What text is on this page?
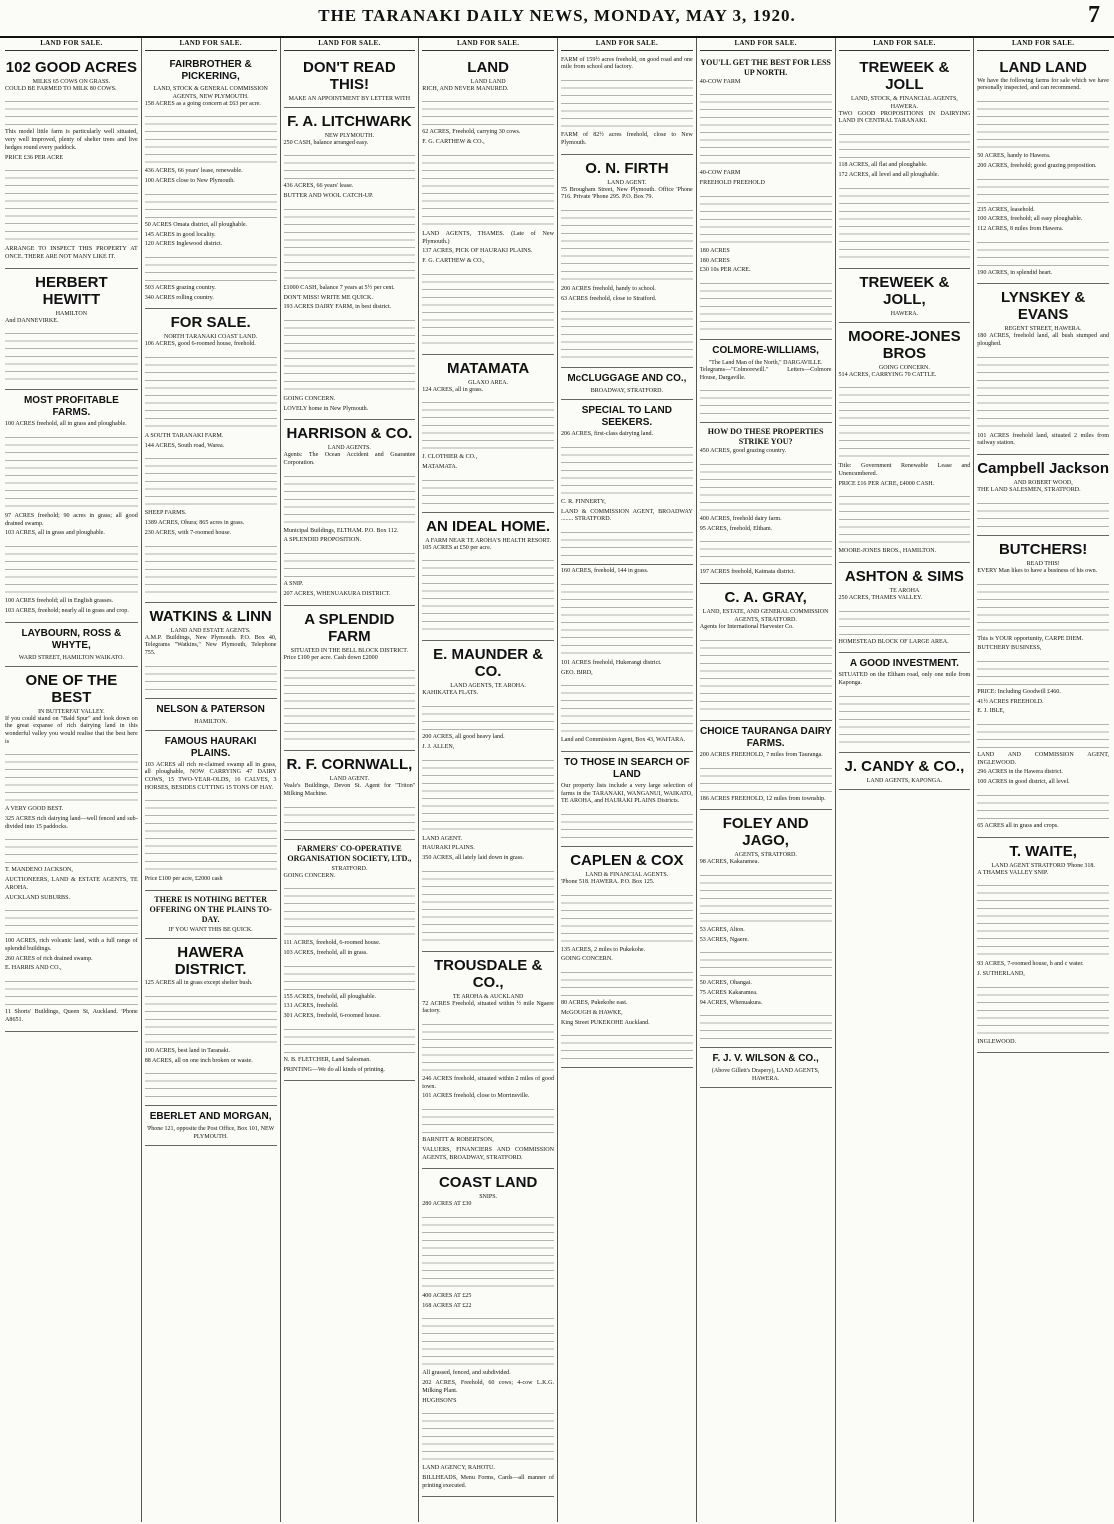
THE TARANAKI DAILY NEWS, MONDAY, MAY 3, 1920.	7
LAND FOR SALE.
102 GOOD ACRES
MILKS 65 COWS ON GRASS.

COULD BE FARMED TO MILK 80 COWS.

This model little farm is particularly well situated, very well improved, plenty of shelter trees and live hedges round every paddock.

PRICE £36 PER ACRE

ARRANGE TO INSPECT THIS PROPERTY AT ONCE. THERE ARE NOT MANY LIKE IT.

HERBERT HEWITT
HAMILTON

And DANNEVIRKE.

MOST PROFITABLE FARMS.

100 ACRES freehold, all in grass and ploughable.

97 ACRES freehold; 90 acres in grass; all good drained swamp.

103 ACRES, all in grass and ploughable.

100 ACRES freehold; all in English grasses.

103 ACRES, freehold; nearly all in grass and crop.

LAYBOURN, ROSS & WHYTE,
WARD STREET, HAMILTON WAIKATO.
ONE OF THE BEST
IN BUTTERFAT VALLEY.

If you could stand on "Bald Spur" and look down on the great expanse of rich dairying land in this wonderful valley you would realise that the best here is

A VERY GOOD BEST.

325 ACRES rich dairying land—well fenced and sub-divided into 15 paddocks.

T. MANDENO JACKSON,

AUCTIONEERS, LAND & ESTATE AGENTS, TE AROHA.

AUCKLAND SUBURBS.

100 ACRES, rich volcanic land, with a full range of splendid buildings.

260 ACRES of rich drained swamp.

E. HARRIS AND CO.,

11 Shorts' Buildings, Queen St, Auckland. 'Phone A8651.

LAND FOR SALE.
FAIRBROTHER & PICKERING,
LAND, STOCK & GENERAL COMMISSION AGENTS, NEW PLYMOUTH.

158 ACRES as a going concern at £63 per acre.

436 ACRES, 66 years' lease, renewable.

100 ACRES close to New Plymouth.

50 ACRES Omata district, all ploughable.

145 ACRES in good locality.

120 ACRES Inglewood district.

503 ACRES grazing country.

340 ACRES rolling country.

FOR SALE.
NORTH TARANAKI COAST LAND.

106 ACRES, good 6-roomed house, freehold.

A SOUTH TARANAKI FARM.

144 ACRES, South road, Warea.

SHEEP FARMS.

1389 ACRES, Ohura; 865 acres in grass.

230 ACRES, with 7-roomed house.

WATKINS & LINN
LAND AND ESTATE AGENTS.

A.M.P. Buildings, New Plymouth. P.O. Box 40, Telegrams "Watkins," New Plymouth, Telephone 755.

NELSON & PATERSON
HAMILTON.
FAMOUS HAURAKI PLAINS.

103 ACRES all rich re-claimed swamp all in grass, all ploughable, NOW CARRYING 47 DAIRY COWS, 15 TWO-YEAR-OLDS, 16 CALVES, 3 HORSES, BESIDES CUTTING 15 TONS OF HAY.

Price £100 per acre, £2000 cash

THERE IS NOTHING BETTER OFFERING ON THE PLAINS TO-DAY.
IF YOU WANT THIS BE QUICK.
HAWERA DISTRICT.

125 ACRES all in grass except shelter bush.

100 ACRES, best land in Taranaki.

88 ACRES, all on one inch broken or waste.

EBERLET AND MORGAN,
'Phone 121, opposite the Post Office, Box 101, NEW PLYMOUTH.
LAND FOR SALE.
DON'T READ THIS!
MAKE AN APPOINTMENT BY LETTER WITH
F. A. LITCHWARK
NEW PLYMOUTH.

250 CASH, balance arranged easy.

436 ACRES, 66 years' lease.

BUTTER AND WOOL CATCH-UP.

£1000 CASH, balance 7 years at 5½ per cent.

DON'T MISS! WRITE ME QUICK.

193 ACRES DAIRY FARM, in best district.

GOING CONCERN.

LOVELY home in New Plymouth.

HARRISON & CO.
LAND AGENTS.

Agents: The Ocean Accident and Guarantee Corporation.

Municipal Buildings, ELTHAM. P.O. Box 112.

A SPLENDID PROPOSITION.

A SNIP.

207 ACRES, WHENUAKURA DISTRICT.

A SPLENDID FARM
SITUATED IN THE BELL BLOCK DISTRICT.

Price £100 per acre. Cash down £2000

R. F. CORNWALL,
LAND AGENT.

Veale's Buildings, Devon St. Agent for "Triton" Milking Machine.

FARMERS' CO-OPERATIVE ORGANISATION SOCIETY, LTD.,
STRATFORD.

GOING CONCERN.

111 ACRES, freehold, 6-roomed house.

103 ACRES, freehold, all in grass.

155 ACRES, freehold, all ploughable.

131 ACRES, freehold.

301 ACRES, freehold, 6-roomed house.

N. B. FLETCHER, Land Salesman.

PRINTING—We do all kinds of printing.

LAND FOR SALE.
LAND
LAND LAND

RICH, AND NEVER MANURED.

62 ACRES, Freehold, carrying 30 cows.

F. G. CARTHEW & CO.,

LAND AGENTS, THAMES. (Late of New Plymouth.)

137 ACRES, PICK OF HAURAKI PLAINS.

F. G. CARTHEW & CO.,

MATAMATA
GLAXO AREA.

124 ACRES, all in grass.

J. CLOTHIER & CO.,

MATAMATA.

AN IDEAL HOME.
A FARM NEAR TE AROHA'S HEALTH RESORT.

105 ACRES at £50 per acre.

E. MAUNDER & CO.
LAND AGENTS, TE AROHA.

KAHIKATEA FLATS.

200 ACRES, all good heavy land.

J. J. ALLEN,

LAND AGENT.

HAURAKI PLAINS.

350 ACRES, all lately laid down in grass.

TROUSDALE & CO.,
TE AROHA & AUCKLAND

72 ACRES Freehold, situated within ½ mile Ngaere factory.

246 ACRES freehold, situated within 2 miles of good town.

101 ACRES freehold, close to Morrinsville.

BARNITT & ROBERTSON,

VALUERS, FINANCIERS AND COMMISSION AGENTS, BROADWAY, STRATFORD.

COAST LAND
SNIPS.

280 ACRES AT £30

400 ACRES AT £25

168 ACRES AT £22

All grassed, fenced, and subdivided.

202 ACRES, Freehold, 60 cows; 4-cow L.K.G. Milking Plant.

HUGHSON'S

LAND AGENCY, RAHOTU.

BILLHEADS, Menu Forms, Cards—all manner of printing executed.

LAND FOR SALE.

FARM of 159½ acres freehold, on good road and one mile from school and factory.

FARM of 82½ acres freehold, close to New Plymouth.

O. N. FIRTH
LAND AGENT.

75 Brougham Street, New Plymouth. Office 'Phone 716. Private 'Phone 295. P.O. Box 79.

200 ACRES freehold, handy to school.

63 ACRES freehold, close to Stratford.

McCLUGGAGE AND CO.,
BROADWAY, STRATFORD.
SPECIAL TO LAND SEEKERS.

206 ACRES, first-class dairying land.

C. R. FINNERTY,

LAND & COMMISSION AGENT, BROADWAY ........ STRATFORD.

160 ACRES, freehold, 144 in grass.

101 ACRES freehold, Hukerangi district.

GEO. BIRD,

Land and Commission Agent, Box 43, WAITARA.

TO THOSE IN SEARCH OF LAND

Our property lists include a very large selection of farms in the TARANAKI, WANGANUI, WAIKATO, TE AROHA, and HAURAKI PLAINS Districts.

CAPLEN & COX
LAND & FINANCIAL AGENTS.

'Phone 518. HAWERA. P.O. Box 125.

135 ACRES, 2 miles to Pukekohe.

GOING CONCERN.

80 ACRES, Pukekohe east.

McGOUGH & HAWKE,

King Street PUKEKOHE Auckland.

LAND FOR SALE.
YOU'LL GET THE BEST FOR LESS UP NORTH.

40-COW FARM

40-COW FARM

FREEHOLD FREEHOLD

180 ACRES

180 ACRES

£30 10s PER ACRE.

COLMORE-WILLIAMS,
"The Land Man of the North," DARGAVILLE.

Telegrams—"Colmorewill." Letters—Colmore House, Dargaville.

HOW DO THESE PROPERTIES STRIKE YOU?

450 ACRES, good grazing country.

400 ACRES, freehold dairy farm.

95 ACRES, freehold, Eltham.

197 ACRES freehold, Kaimata district.

C. A. GRAY,
LAND, ESTATE, AND GENERAL COMMISSION AGENTS, STRATFORD.

Agents for International Harvester Co.

CHOICE TAURANGA DAIRY FARMS.

200 ACRES FREEHOLD, 7 miles from Tauranga.

186 ACRES FREEHOLD, 12 miles from township.

FOLEY AND JAGO,
AGENTS, STRATFORD.

98 ACRES, Kakaramea.

53 ACRES, Alton.

53 ACRES, Ngaere.

50 ACRES, Ohangai.

75 ACRES Kakaramea.

94 ACRES, Whenuakura.

F. J. V. WILSON & CO.,
(Above Gillett's Drapery), LAND AGENTS, HAWERA.
LAND FOR SALE.
TREWEEK & JOLL
LAND, STOCK, & FINANCIAL AGENTS, HAWERA.

TWO GOOD PROPOSITIONS IN DAIRYING LAND IN CENTRAL TARANAKI.

118 ACRES, all flat and ploughable.

172 ACRES, all level and all ploughable.

TREWEEK & JOLL,
HAWERA.
MOORE-JONES BROS
GOING CONCERN.

514 ACRES, CARRYING 70 CATTLE.

Title: Government Renewable Lease and Unencumbered.

PRICE £16 PER ACRE, £4000 CASH.

MOORE-JONES BROS., HAMILTON.

ASHTON & SIMS
TE AROHA

250 ACRES, THAMES VALLEY.

HOMESTEAD BLOCK OF LARGE AREA.

A GOOD INVESTMENT.

SITUATED on the Eltham road, only one mile from Kaponga.

J. CANDY & CO.,
LAND AGENTS, KAPONGA.
LAND FOR SALE.
LAND LAND

We have the following farms for sale which we have personally inspected, and can recommend.

50 ACRES, handy to Hawera.

200 ACRES, freehold; good grazing proposition.

235 ACRES, leasehold.

100 ACRES, freehold; all easy ploughable.

112 ACRES, 8 miles from Hawera.

190 ACRES, in splendid heart.

LYNSKEY & EVANS
REGENT STREET, HAWERA.

180 ACRES, freehold land, all bush stumped and ploughed.

101 ACRES freehold land, situated 2 miles from railway station.

Campbell Jackson
AND ROBERT WOOD,

THE LAND SALESMEN, STRATFORD.

BUTCHERS!
READ THIS!

EVERY Man likes to have a business of his own.

This is YOUR opportunity, CARPE DIEM.

BUTCHERY BUSINESS,

PRICE: Including Goodwill £460.

41½ ACRES FREEHOLD.

E. J. IBLE,

LAND AND COMMISSION AGENT, INGLEWOOD.

296 ACRES in the Hawera district.

100 ACRES in good district, all level.

65 ACRES all in grass and crops.

T. WAITE,
LAND AGENT STRATFORD 'Phone 318.

A THAMES VALLEY SNIP.

93 ACRES, 7-roomed house, h and c water.

J. SUTHERLAND,

INGLEWOOD.
